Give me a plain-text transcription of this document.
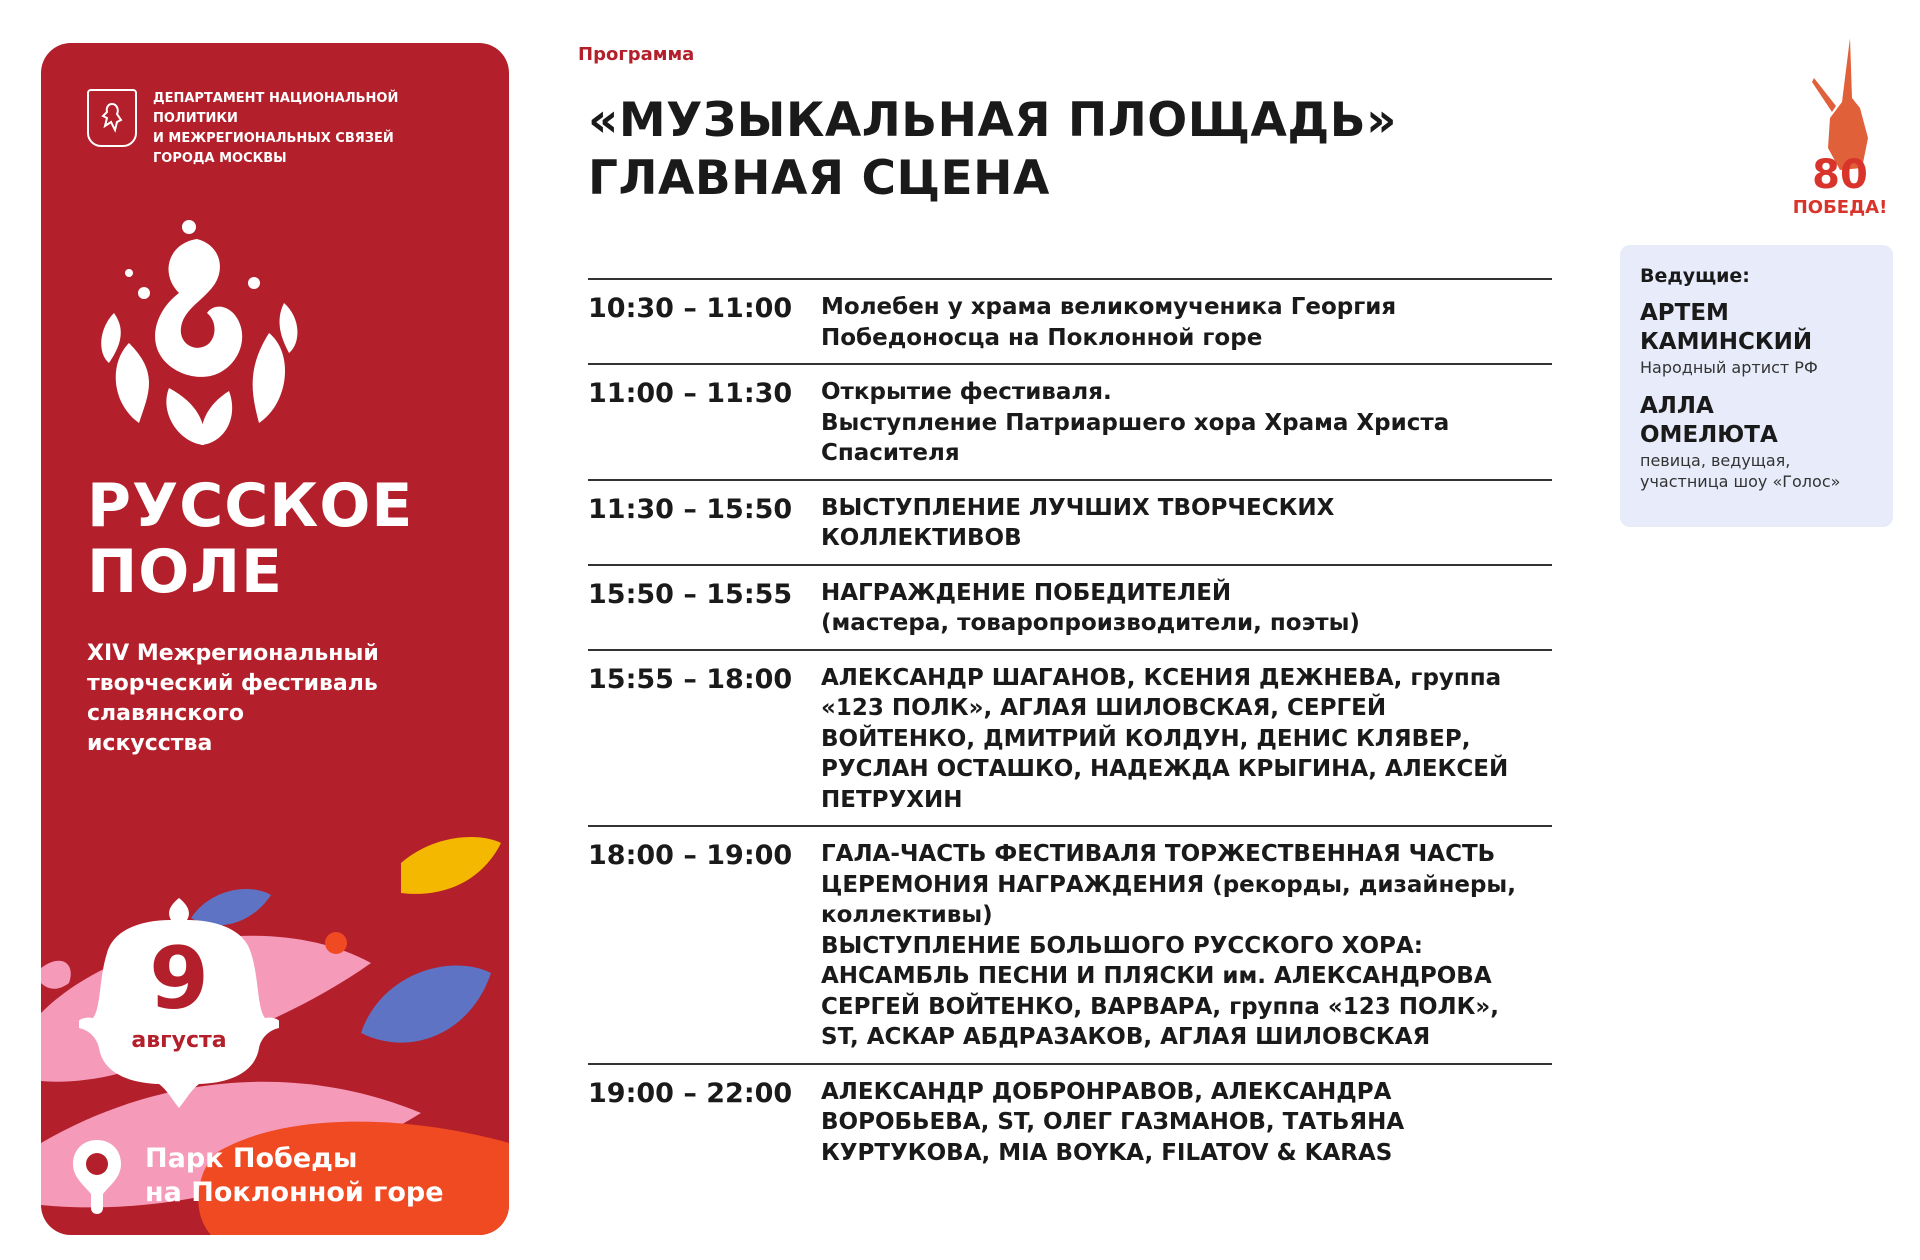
ДЕПАРТАМЕНТ НАЦИОНАЛЬНОЙ ПОЛИТИКИ
И МЕЖРЕГИОНАЛЬНЫХ СВЯЗЕЙ
ГОРОДА МОСКВЫ
РУССКОЕ
ПОЛЕ
XIV Межрегиональный
творческий фестиваль
славянского
искусства
9
августа
Парк Победы
на Поклонной горе
Программа
«МУЗЫКАЛЬНАЯ ПЛОЩАДЬ»
ГЛАВНАЯ СЦЕНА	80
ПОБЕДА!
10:30 – 11:00	Молебен у храма великомученика Георгия
Победоносца на Поклонной горе
11:00 – 11:30	Открытие фестиваля.
Выступление Патриаршего хора Храма Христа
Спасителя
11:30 – 15:50	ВЫСТУПЛЕНИЕ ЛУЧШИХ ТВОРЧЕСКИХ
КОЛЛЕКТИВОВ
15:50 – 15:55	НАГРАЖДЕНИЕ ПОБЕДИТЕЛЕЙ
(мастера, товаропроизводители, поэты)
15:55 – 18:00	АЛЕКСАНДР ШАГАНОВ, КСЕНИЯ ДЕЖНЕВА, группа
«123 ПОЛК», АГЛАЯ ШИЛОВСКАЯ, СЕРГЕЙ
ВОЙТЕНКО, ДМИТРИЙ КОЛДУН, ДЕНИС КЛЯВЕР,
РУСЛАН ОСТАШКО, НАДЕЖДА КРЫГИНА, АЛЕКСЕЙ
ПЕТРУХИН
18:00 – 19:00	ГАЛА-ЧАСТЬ ФЕСТИВАЛЯ ТОРЖЕСТВЕННАЯ ЧАСТЬ
ЦЕРЕМОНИЯ НАГРАЖДЕНИЯ (рекорды, дизайнеры,
коллективы)
ВЫСТУПЛЕНИЕ БОЛЬШОГО РУССКОГО ХОРА:
АНСАМБЛЬ ПЕСНИ И ПЛЯСКИ им. АЛЕКСАНДРОВА
СЕРГЕЙ ВОЙТЕНКО, ВАРВАРА, группа «123 ПОЛК»,
ST, АСКАР АБДРАЗАКОВ, АГЛАЯ ШИЛОВСКАЯ
19:00 – 22:00	АЛЕКСАНДР ДОБРОНРАВОВ, АЛЕКСАНДРА
ВОРОБЬЕВА, ST, ОЛЕГ ГАЗМАНОВ, ТАТЬЯНА
КУРТУКОВА, MIA BOYKA, FILATOV & KARAS
Ведущие:
АРТЕМ
КАМИНСКИЙ
Народный артист РФ
АЛЛА
ОМЕЛЮТА
певица, ведущая,
участница шоу «Голос»
